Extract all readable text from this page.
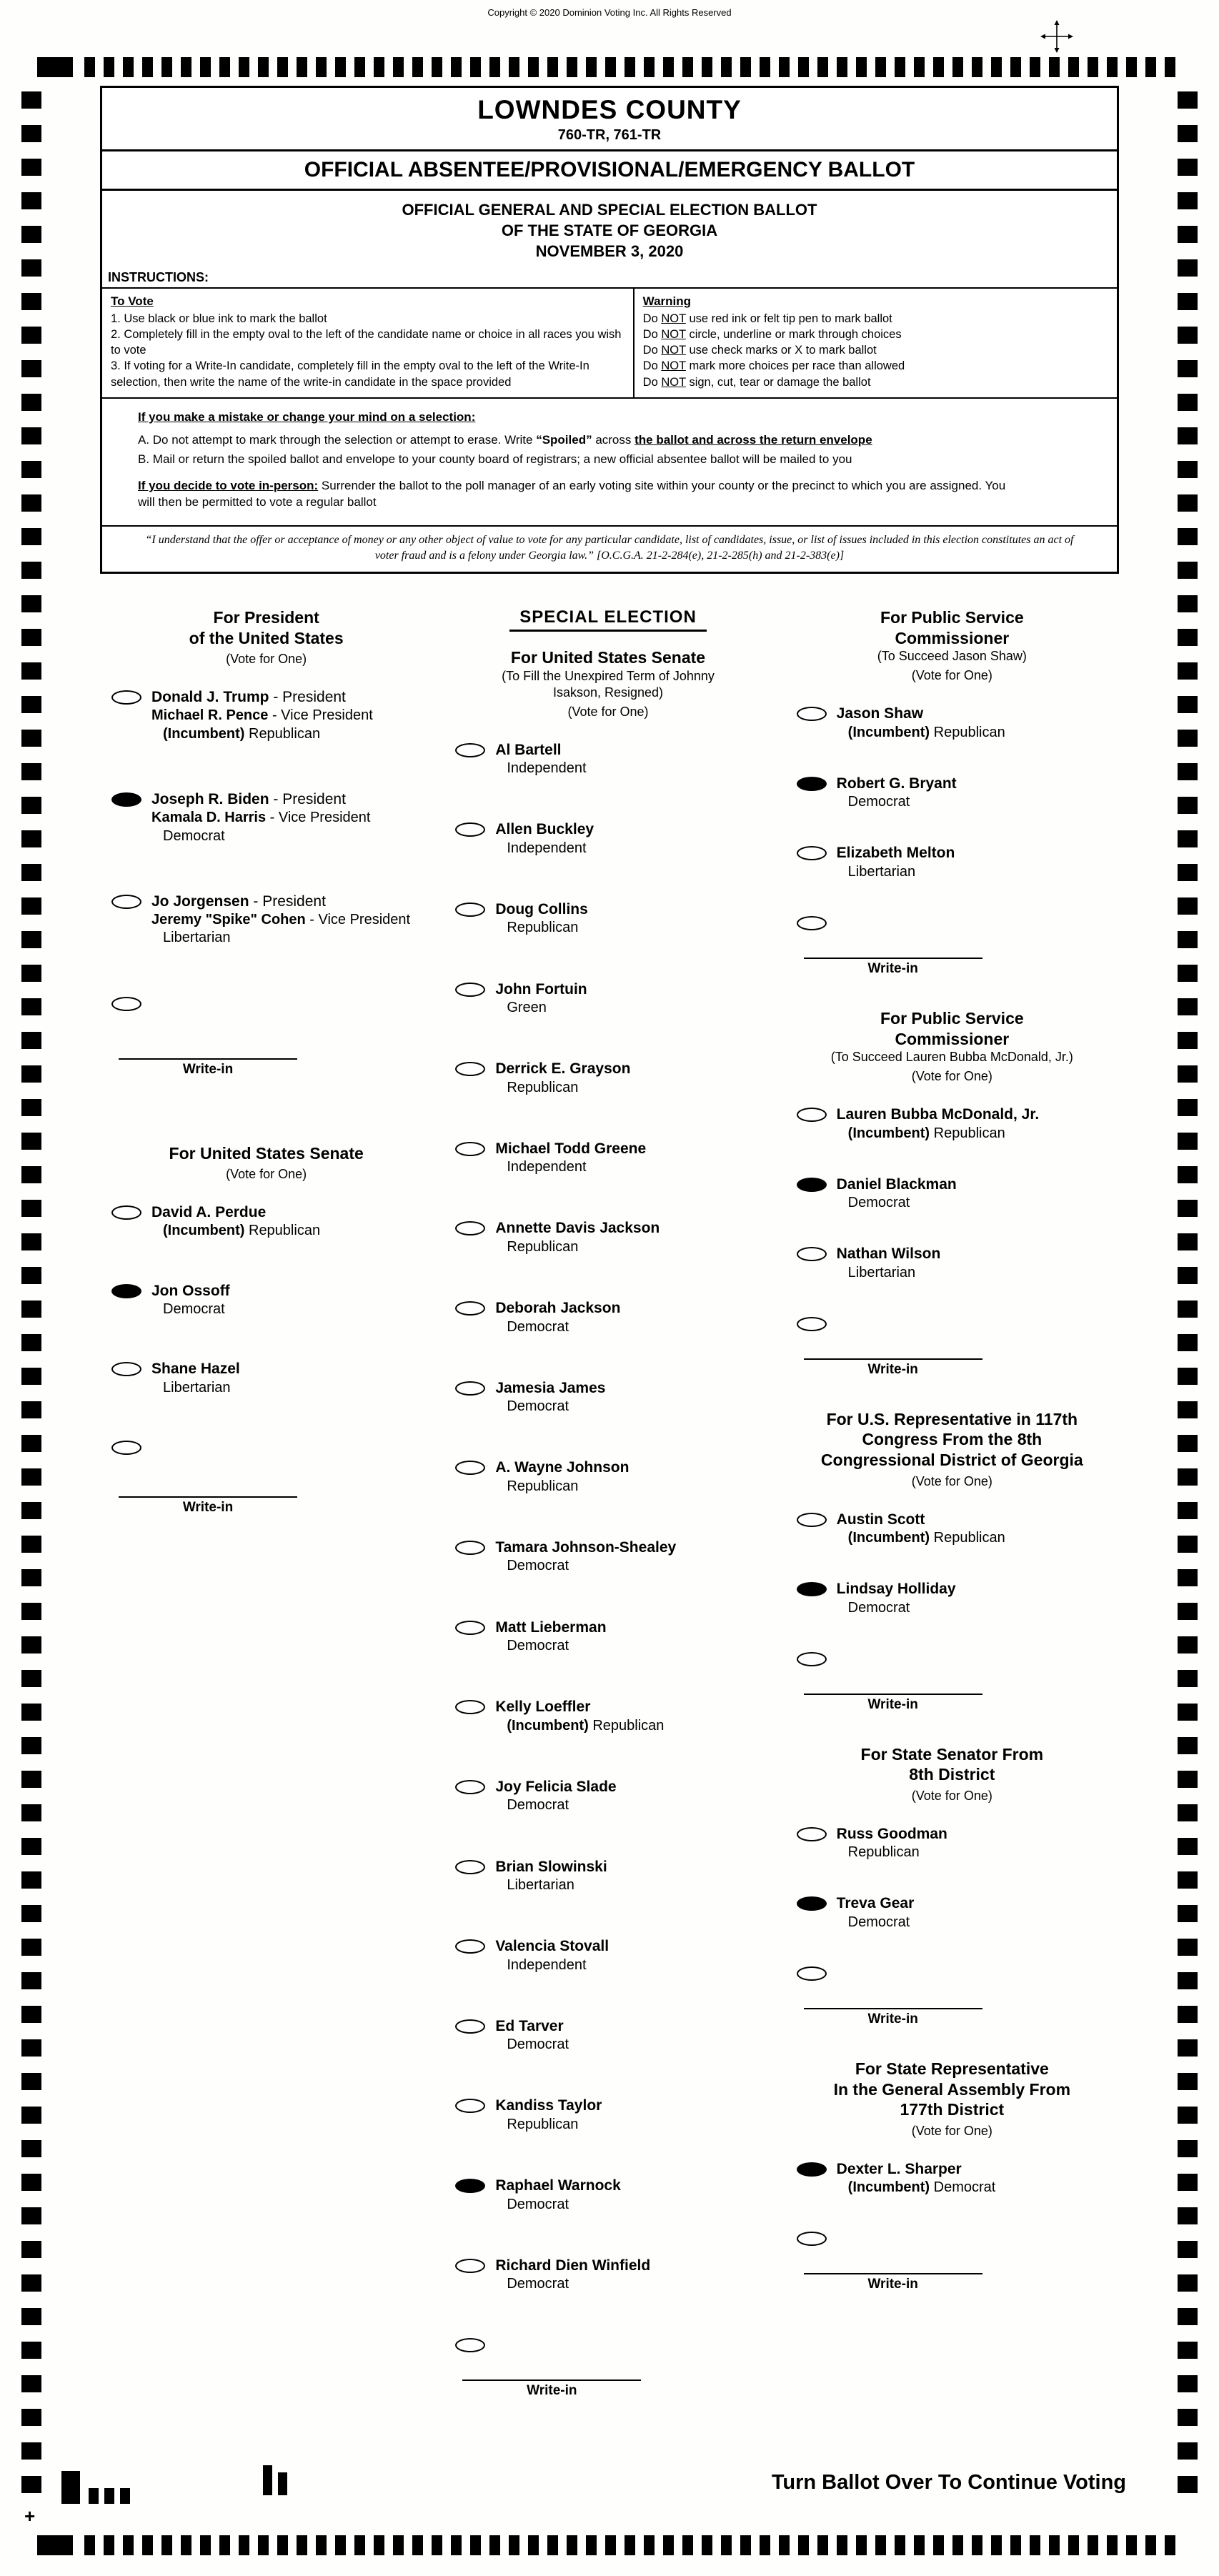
Copyright © 2020 Dominion Voting Inc. All Rights Reserved
LOWNDES COUNTY
760-TR, 761-TR
OFFICIAL ABSENTEE/PROVISIONAL/EMERGENCY BALLOT
OFFICIAL GENERAL AND SPECIAL ELECTION BALLOT
OF THE STATE OF GEORGIA
NOVEMBER 3, 2020
INSTRUCTIONS:
To Vote
1. Use black or blue ink to mark the ballot
2. Completely fill in the empty oval to the left of the candidate name or choice in all races you wish to vote
3. If voting for a Write-In candidate, completely fill in the empty oval to the left of the Write-In selection, then write the name of the write-in candidate in the space provided
Warning
Do NOT use red ink or felt tip pen to mark ballot
Do NOT circle, underline or mark through choices
Do NOT use check marks or X to mark ballot
Do NOT mark more choices per race than allowed
Do NOT sign, cut, tear or damage the ballot
If you make a mistake or change your mind on a selection:
A. Do not attempt to mark through the selection or attempt to erase. Write “Spoiled” across the ballot and across the return envelope
B. Mail or return the spoiled ballot and envelope to your county board of registrars; a new official absentee ballot will be mailed to you
If you decide to vote in-person: Surrender the ballot to the poll manager of an early voting site within your county or the precinct to which you are assigned. You will then be permitted to vote a regular ballot
“I understand that the offer or acceptance of money or any other object of value to vote for any particular candidate, list of candidates, issue, or list of issues included in this election constitutes an act of voter fraud and is a felony under Georgia law.” [O.C.G.A. 21-2-284(e), 21-2-285(h) and 21-2-383(e)]
For President
of the United States
(Vote for One)
Donald J. Trump - President
Michael R. Pence - Vice President
(Incumbent) Republican
Joseph R. Biden - President
Kamala D. Harris - Vice President
Democrat
Jo Jorgensen - President
Jeremy "Spike" Cohen - Vice President
Libertarian
Write-in
For United States Senate
(Vote for One)
David A. Perdue
(Incumbent) Republican
Jon Ossoff
Democrat
Shane Hazel
Libertarian
Write-in
SPECIAL ELECTION
For United States Senate
(To Fill the Unexpired Term of Johnny
Isakson, Resigned)
(Vote for One)
Al Bartell
Independent
Allen Buckley
Independent
Doug Collins
Republican
John Fortuin
Green
Derrick E. Grayson
Republican
Michael Todd Greene
Independent
Annette Davis Jackson
Republican
Deborah Jackson
Democrat
Jamesia James
Democrat
A. Wayne Johnson
Republican
Tamara Johnson-Shealey
Democrat
Matt Lieberman
Democrat
Kelly Loeffler
(Incumbent) Republican
Joy Felicia Slade
Democrat
Brian Slowinski
Libertarian
Valencia Stovall
Independent
Ed Tarver
Democrat
Kandiss Taylor
Republican
Raphael Warnock
Democrat
Richard Dien Winfield
Democrat
Write-in
For Public Service
Commissioner
(To Succeed Jason Shaw)
(Vote for One)
Jason Shaw
(Incumbent) Republican
Robert G. Bryant
Democrat
Elizabeth Melton
Libertarian
Write-in
For Public Service
Commissioner
(To Succeed Lauren Bubba McDonald, Jr.)
(Vote for One)
Lauren Bubba McDonald, Jr.
(Incumbent) Republican
Daniel Blackman
Democrat
Nathan Wilson
Libertarian
Write-in
For U.S. Representative in 117th
Congress From the 8th
Congressional District of Georgia
(Vote for One)
Austin Scott
(Incumbent) Republican
Lindsay Holliday
Democrat
Write-in
For State Senator From
8th District
(Vote for One)
Russ Goodman
Republican
Treva Gear
Democrat
Write-in
For State Representative
In the General Assembly From
177th District
(Vote for One)
Dexter L. Sharper
(Incumbent) Democrat
Write-in
+
Turn Ballot Over To Continue Voting
